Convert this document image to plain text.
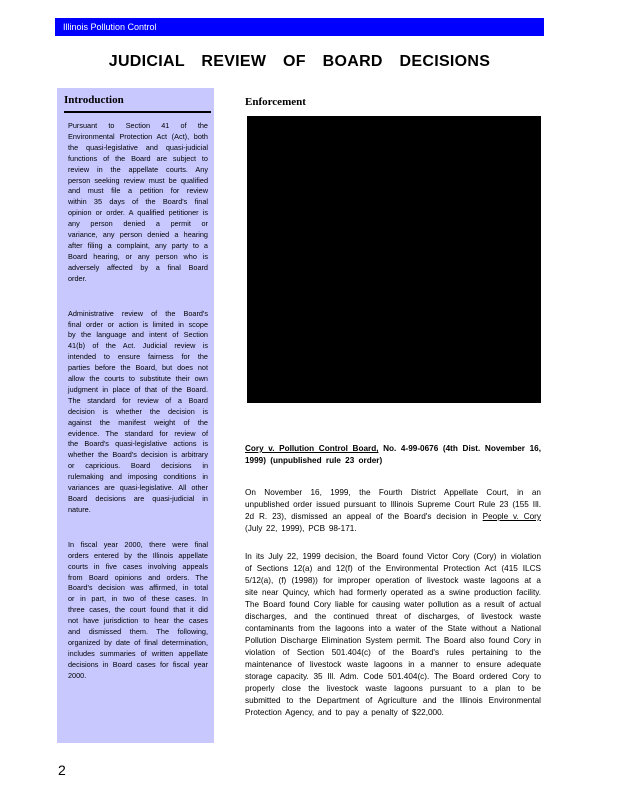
Illinois Pollution Control
JUDICIAL REVIEW OF BOARD DECISIONS
Introduction

Pursuant to Section 41 of the Environmental Protection Act (Act), both the quasi-legislative and quasi-judicial functions of the Board are subject to review in the appellate courts. Any person seeking review must be qualified and must file a petition for review within 35 days of the Board's final opinion or order. A qualified petitioner is any person denied a permit or variance, any person denied a hearing after filing a complaint, any party to a Board hearing, or any person who is adversely affected by a final Board order.

Administrative review of the Board's final order or action is limited in scope by the language and intent of Section 41(b) of the Act. Judicial review is intended to ensure fairness for the parties before the Board, but does not allow the courts to substitute their own judgment in place of that of the Board. The standard for review of a Board decision is whether the decision is against the manifest weight of the evidence. The standard for review of the Board's quasi-legislative actions is whether the Board's decision is arbitrary or capricious. Board decisions in rulemaking and imposing conditions in variances are quasi-legislative. All other Board decisions are quasi-judicial in nature.

In fiscal year 2000, there were final orders entered by the Illinois appellate courts in five cases involving appeals from Board opinions and orders. The Board's decision was affirmed, in total or in part, in two of these cases. In three cases, the court found that it did not have jurisdiction to hear the cases and dismissed them. The following, organized by date of final determination, includes summaries of written appellate decisions in Board cases for fiscal year 2000.

Enforcement
Cory v. Pollution Control Board, No. 4-99-0676 (4th Dist. November 16, 1999) (unpublished rule 23 order)

On November 16, 1999, the Fourth District Appellate Court, in an unpublished order issued pursuant to Illinois Supreme Court Rule 23 (155 Ill. 2d R. 23), dismissed an appeal of the Board's decision in People v. Cory (July 22, 1999), PCB 98-171.

In its July 22, 1999 decision, the Board found Victor Cory (Cory) in violation of Sections 12(a) and 12(f) of the Environmental Protection Act (415 ILCS 5/12(a), (f) (1998)) for improper operation of livestock waste lagoons at a site near Quincy, which had formerly operated as a swine production facility. The Board found Cory liable for causing water pollution as a result of actual discharges, and the continued threat of discharges, of livestock waste contaminants from the lagoons into a water of the State without a National Pollution Discharge Elimination System permit. The Board also found Cory in violation of Section 501.404(c) of the Board's rules pertaining to the maintenance of livestock waste lagoons in a manner to ensure adequate storage capacity. 35 Ill. Adm. Code 501.404(c). The Board ordered Cory to properly close the livestock waste lagoons pursuant to a plan to be submitted to the Department of Agriculture and the Illinois Environmental Protection Agency, and to pay a penalty of $22,000.

2
